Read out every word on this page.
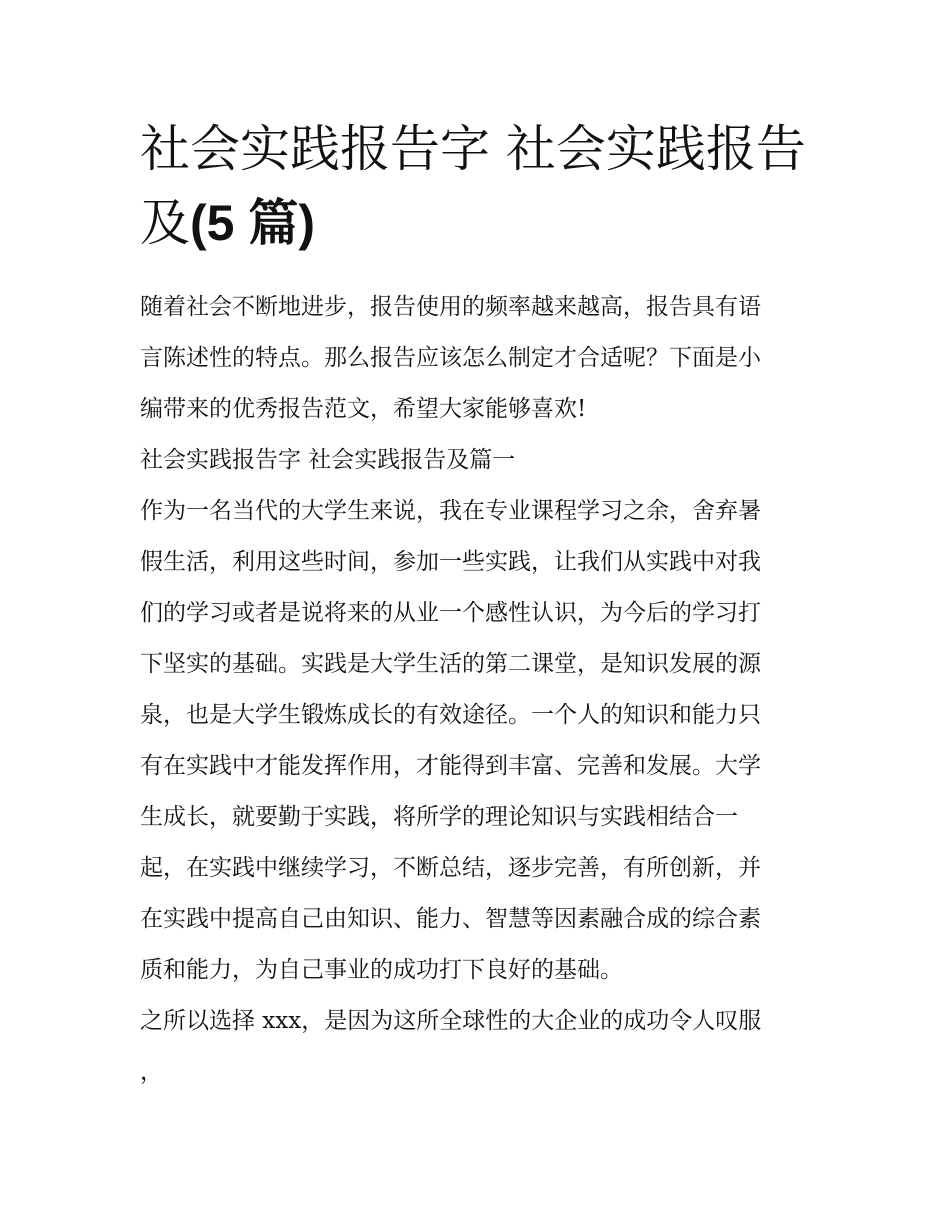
社会实践报告字 社会实践报告
及(5 篇)
随着社会不断地进步，报告使用的频率越来越高，报告具有语
言陈述性的特点。那么报告应该怎么制定才合适呢？下面是小
编带来的优秀报告范文，希望大家能够喜欢!
社会实践报告字 社会实践报告及篇一
作为一名当代的大学生来说，我在专业课程学习之余，舍弃暑
假生活，利用这些时间，参加一些实践，让我们从实践中对我
们的学习或者是说将来的从业一个感性认识，为今后的学习打
下坚实的基础。实践是大学生活的第二课堂，是知识发展的源
泉，也是大学生锻炼成长的有效途径。一个人的知识和能力只
有在实践中才能发挥作用，才能得到丰富、完善和发展。大学
生成长，就要勤于实践，将所学的理论知识与实践相结合一
起，在实践中继续学习，不断总结，逐步完善，有所创新，并
在实践中提高自己由知识、能力、智慧等因素融合成的综合素
质和能力，为自己事业的成功打下良好的基础。
之所以选择 xxx，是因为这所全球性的大企业的成功令人叹服
，
